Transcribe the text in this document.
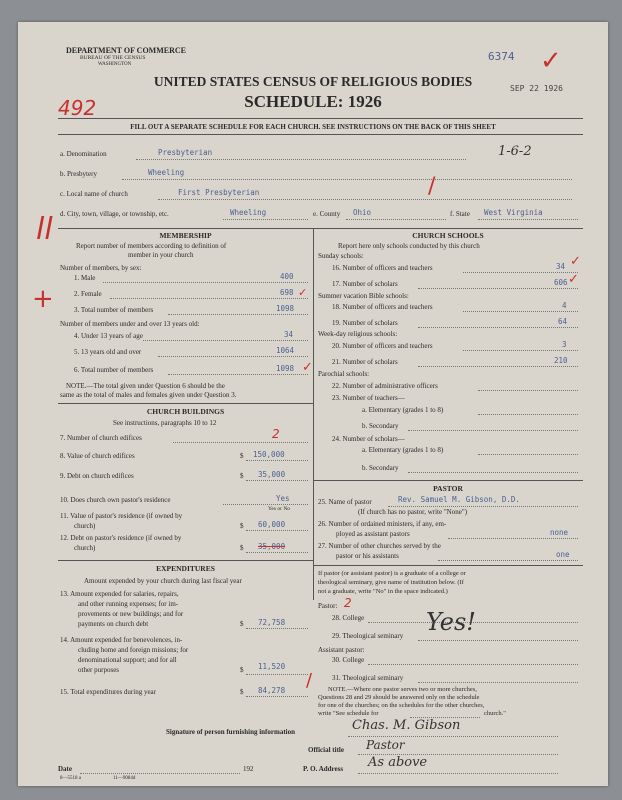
DEPARTMENT OF COMMERCE
BUREAU OF THE CENSUS
WASHINGTON
6374
SEP 22 1926
✓
UNITED STATES CENSUS OF RELIGIOUS BODIES
SCHEDULE: 1926
492
FILL OUT A SEPARATE SCHEDULE FOR EACH CHURCH. SEE INSTRUCTIONS ON THE BACK OF THIS SHEET
a. Denomination	Presbyterian	1-6-2
b. Presbytery	Wheeling
c. Local name of church	First Presbyterian	/
d. City, town, village, or township, etc.	Wheeling	e. County Ohio	f. State West Virginia
ll
+
MEMBERSHIP
Report number of members according to definition of
member in your church
Number of members, by sex:
1. Male	400
2. Female	698 ✓
3. Total number of members	1098
Number of members under and over 13 years old:
4. Under 13 years of age	34
5. 13 years old and over	1064
6. Total number of members	1098 ✓
NOTE.—The total given under Question 6 should be the
same as the total of males and females given under Question 3.
CHURCH BUILDINGS
See instructions, paragraphs 10 to 12
7. Number of church edifices	2
8. Value of church edifices	$ 150,000
9. Debt on church edifices	$ 35,000
10. Does church own pastor's residence	Yes
Yes or No
11. Value of pastor's residence (if owned by
church)	$ 60,000
12. Debt on pastor's residence (if owned by
church)	$ 35,000
EXPENDITURES
Amount expended by your church during last fiscal year
13. Amount expended for salaries, repairs,
and other running expenses; for im-
provements or new buildings; and for
payments on church debt	$ 72,758
14. Amount expended for benevolences, in-
cluding home and foreign missions; for
denominational support; and for all
other purposes	$ 11,520
15. Total expenditures during year	$ 84,278 /
CHURCH SCHOOLS
Report here only schools conducted by this church
Sunday schools:
16. Number of officers and teachers	34 ✓
17. Number of scholars	606 ✓
Summer vacation Bible schools:
18. Number of officers and teachers	4
19. Number of scholars	64
Week-day religious schools:
20. Number of officers and teachers	3
21. Number of scholars	210
Parochial schools:
22. Number of administrative officers
23. Number of teachers—
a. Elementary (grades 1 to 8)
b. Secondary
24. Number of scholars—
a. Elementary (grades 1 to 8)
b. Secondary
PASTOR
25. Name of pastor	Rev. Samuel M. Gibson, D.D.
(If church has no pastor, write "None")
26. Number of ordained ministers, if any, em-
ployed as assistant pastors	none
27. Number of other churches served by the
pastor or his assistants	one
If pastor (or assistant pastor) is a graduate of a college or
theological seminary, give name of institution below. (If
not a graduate, write "No" in the space indicated.)
Pastor: 2
28. College
29. Theological seminary Yes!
Assistant pastor:
30. College
31. Theological seminary
NOTE.—Where one pastor serves two or more churches,
Questions 28 and 29 should be answered only on the schedule
for one of the churches; on the schedules for the other churches,
write "See schedule for	church."
Signature of person furnishing information	Chas. M. Gibson
Official title Pastor
Date	192	P. O. Address As above
8—5518 a	11—9084d
